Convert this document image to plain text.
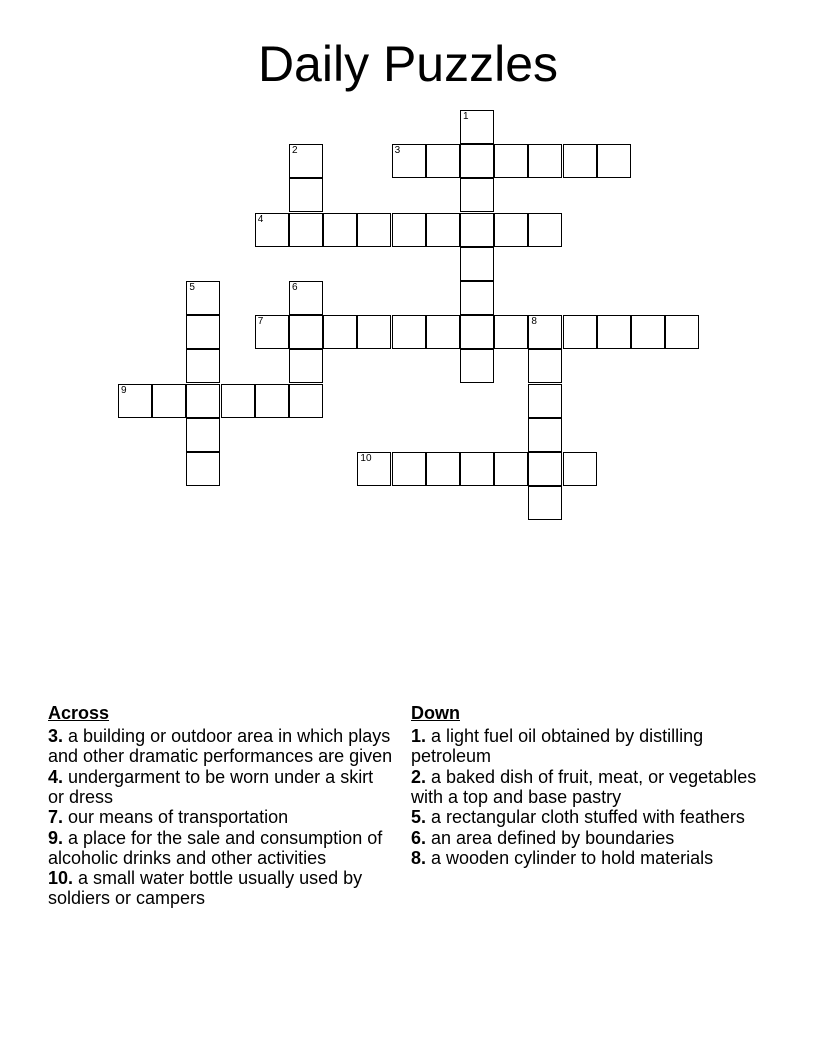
Daily Puzzles
1
2	3
4
5	6
7	8
9
10
Across
3. a building or outdoor area in which plays and other dramatic performances are given
4. undergarment to be worn under a skirt or dress
7. our means of transportation
9. a place for the sale and consumption of alcoholic drinks and other activities
10. a small water bottle usually used by soldiers or campers
Down
1. a light fuel oil obtained by distilling petroleum
2. a baked dish of fruit, meat, or vegetables with a top and base pastry
5. a rectangular cloth stuffed with feathers
6. an area defined by boundaries
8. a wooden cylinder to hold materials
